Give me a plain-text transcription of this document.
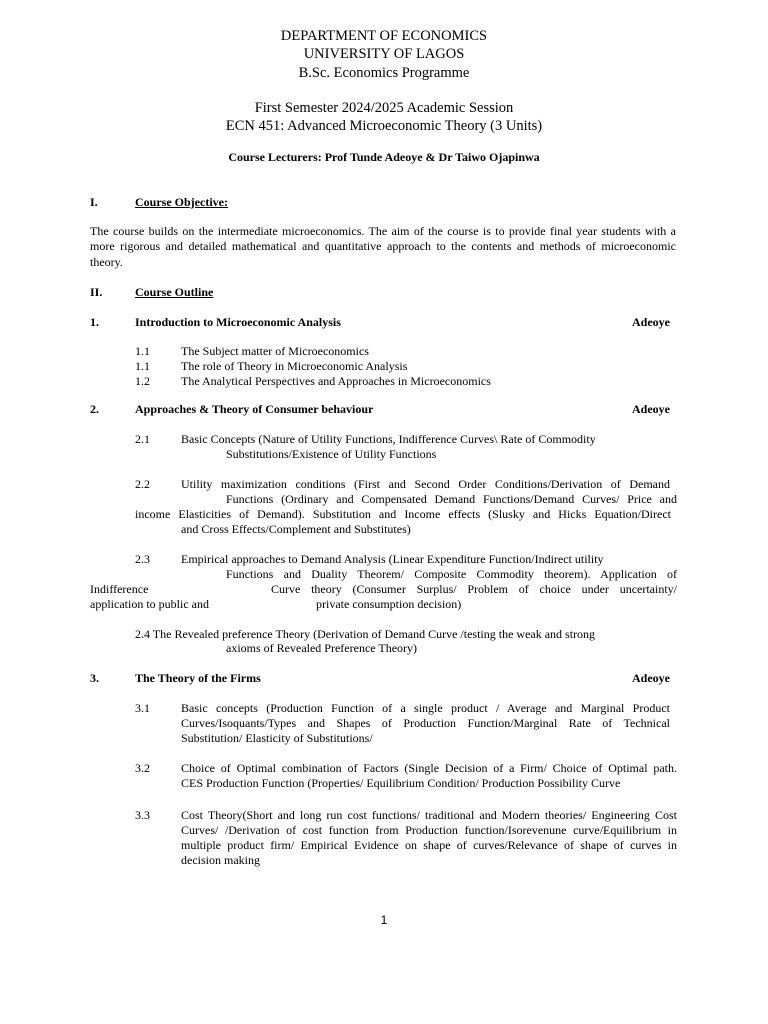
DEPARTMENT OF ECONOMICS
UNIVERSITY OF LAGOS
B.Sc. Economics Programme
First Semester 2024/2025 Academic Session
ECN 451: Advanced Microeconomic Theory (3 Units)
Course Lecturers: Prof Tunde Adeoye & Dr Taiwo Ojapinwa
I.	Course Objective:
The course builds on the intermediate microeconomics. The aim of the course is to provide final year students with a
more rigorous and detailed mathematical and quantitative approach to the contents and methods of microeconomic
theory.
II.	Course Outline
1.	Introduction to Microeconomic Analysis	Adeoye
1.1	The Subject matter of Microeconomics
1.1	The role of Theory in Microeconomic Analysis
1.2	The Analytical Perspectives and Approaches in Microeconomics
2.	Approaches & Theory of Consumer behaviour	Adeoye
2.1	Basic Concepts (Nature of Utility Functions, Indifference Curves\ Rate of Commodity
Substitutions/Existence of Utility Functions
2.2	Utility maximization conditions (First and Second Order Conditions/Derivation of Demand
Functions (Ordinary and Compensated Demand Functions/Demand Curves/ Price and
income Elasticities of Demand). Substitution and Income effects (Slusky and Hicks Equation/Direct
and Cross Effects/Complement and Substitutes)
2.3	Empirical approaches to Demand Analysis (Linear Expenditure Function/Indirect utility
Functions and Duality Theorem/ Composite Commodity theorem). Application of
Indifference	Curve theory (Consumer Surplus/ Problem of choice under uncertainty/
application to public and	private consumption decision)
2.4 The Revealed preference Theory (Derivation of Demand Curve /testing the weak and strong
axioms of Revealed Preference Theory)
3.	The Theory of the Firms	Adeoye
3.1	Basic concepts (Production Function of a single product / Average and Marginal Product
Curves/Isoquants/Types and Shapes of Production Function/Marginal Rate of Technical
Substitution/ Elasticity of Substitutions/
3.2	Choice of Optimal combination of Factors (Single Decision of a Firm/ Choice of Optimal path.
CES Production Function (Properties/ Equilibrium Condition/ Production Possibility Curve
3.3	Cost Theory(Short and long run cost functions/ traditional and Modern theories/ Engineering Cost
Curves/ /Derivation of cost function from Production function/Isorevenune curve/Equilibrium in
multiple product firm/ Empirical Evidence on shape of curves/Relevance of shape of curves in
decision making
1
